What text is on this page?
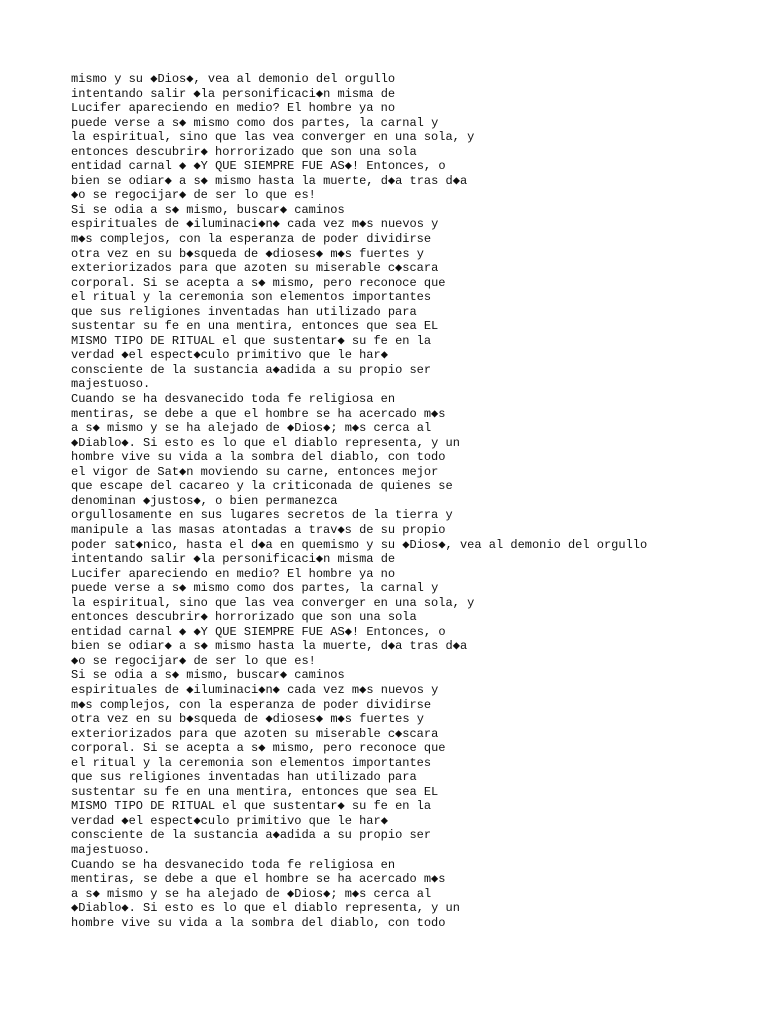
mismo y su ◆Dios◆, vea al demonio del orgullo
intentando salir ◆la personificaci◆n misma de
Lucifer apareciendo en medio? El hombre ya no
puede verse a s◆ mismo como dos partes, la carnal y
la espiritual, sino que las vea converger en una sola, y
entonces descubrir◆ horrorizado que son una sola
entidad carnal ◆ ◆Y QUE SIEMPRE FUE AS◆! Entonces, o
bien se odiar◆ a s◆ mismo hasta la muerte, d◆a tras d◆a
◆o se regocijar◆ de ser lo que es!
Si se odia a s◆ mismo, buscar◆ caminos
espirituales de ◆iluminaci◆n◆ cada vez m◆s nuevos y
m◆s complejos, con la esperanza de poder dividirse
otra vez en su b◆squeda de ◆dioses◆ m◆s fuertes y
exteriorizados para que azoten su miserable c◆scara
corporal. Si se acepta a s◆ mismo, pero reconoce que
el ritual y la ceremonia son elementos importantes
que sus religiones inventadas han utilizado para
sustentar su fe en una mentira, entonces que sea EL
MISMO TIPO DE RITUAL el que sustentar◆ su fe en la
verdad ◆el espect◆culo primitivo que le har◆
consciente de la sustancia a◆adida a su propio ser
majestuoso.
Cuando se ha desvanecido toda fe religiosa en
mentiras, se debe a que el hombre se ha acercado m◆s
a s◆ mismo y se ha alejado de ◆Dios◆; m◆s cerca al
◆Diablo◆. Si esto es lo que el diablo representa, y un
hombre vive su vida a la sombra del diablo, con todo
el vigor de Sat◆n moviendo su carne, entonces mejor
que escape del cacareo y la criticonada de quienes se
denominan ◆justos◆, o bien permanezca
orgullosamente en sus lugares secretos de la tierra y
manipule a las masas atontadas a trav◆s de su propio
poder sat◆nico, hasta el d◆a en quemismo y su ◆Dios◆, vea al demonio del orgullo
intentando salir ◆la personificaci◆n misma de
Lucifer apareciendo en medio? El hombre ya no
puede verse a s◆ mismo como dos partes, la carnal y
la espiritual, sino que las vea converger en una sola, y
entonces descubrir◆ horrorizado que son una sola
entidad carnal ◆ ◆Y QUE SIEMPRE FUE AS◆! Entonces, o
bien se odiar◆ a s◆ mismo hasta la muerte, d◆a tras d◆a
◆o se regocijar◆ de ser lo que es!
Si se odia a s◆ mismo, buscar◆ caminos
espirituales de ◆iluminaci◆n◆ cada vez m◆s nuevos y
m◆s complejos, con la esperanza de poder dividirse
otra vez en su b◆squeda de ◆dioses◆ m◆s fuertes y
exteriorizados para que azoten su miserable c◆scara
corporal. Si se acepta a s◆ mismo, pero reconoce que
el ritual y la ceremonia son elementos importantes
que sus religiones inventadas han utilizado para
sustentar su fe en una mentira, entonces que sea EL
MISMO TIPO DE RITUAL el que sustentar◆ su fe en la
verdad ◆el espect◆culo primitivo que le har◆
consciente de la sustancia a◆adida a su propio ser
majestuoso.
Cuando se ha desvanecido toda fe religiosa en
mentiras, se debe a que el hombre se ha acercado m◆s
a s◆ mismo y se ha alejado de ◆Dios◆; m◆s cerca al
◆Diablo◆. Si esto es lo que el diablo representa, y un
hombre vive su vida a la sombra del diablo, con todo
